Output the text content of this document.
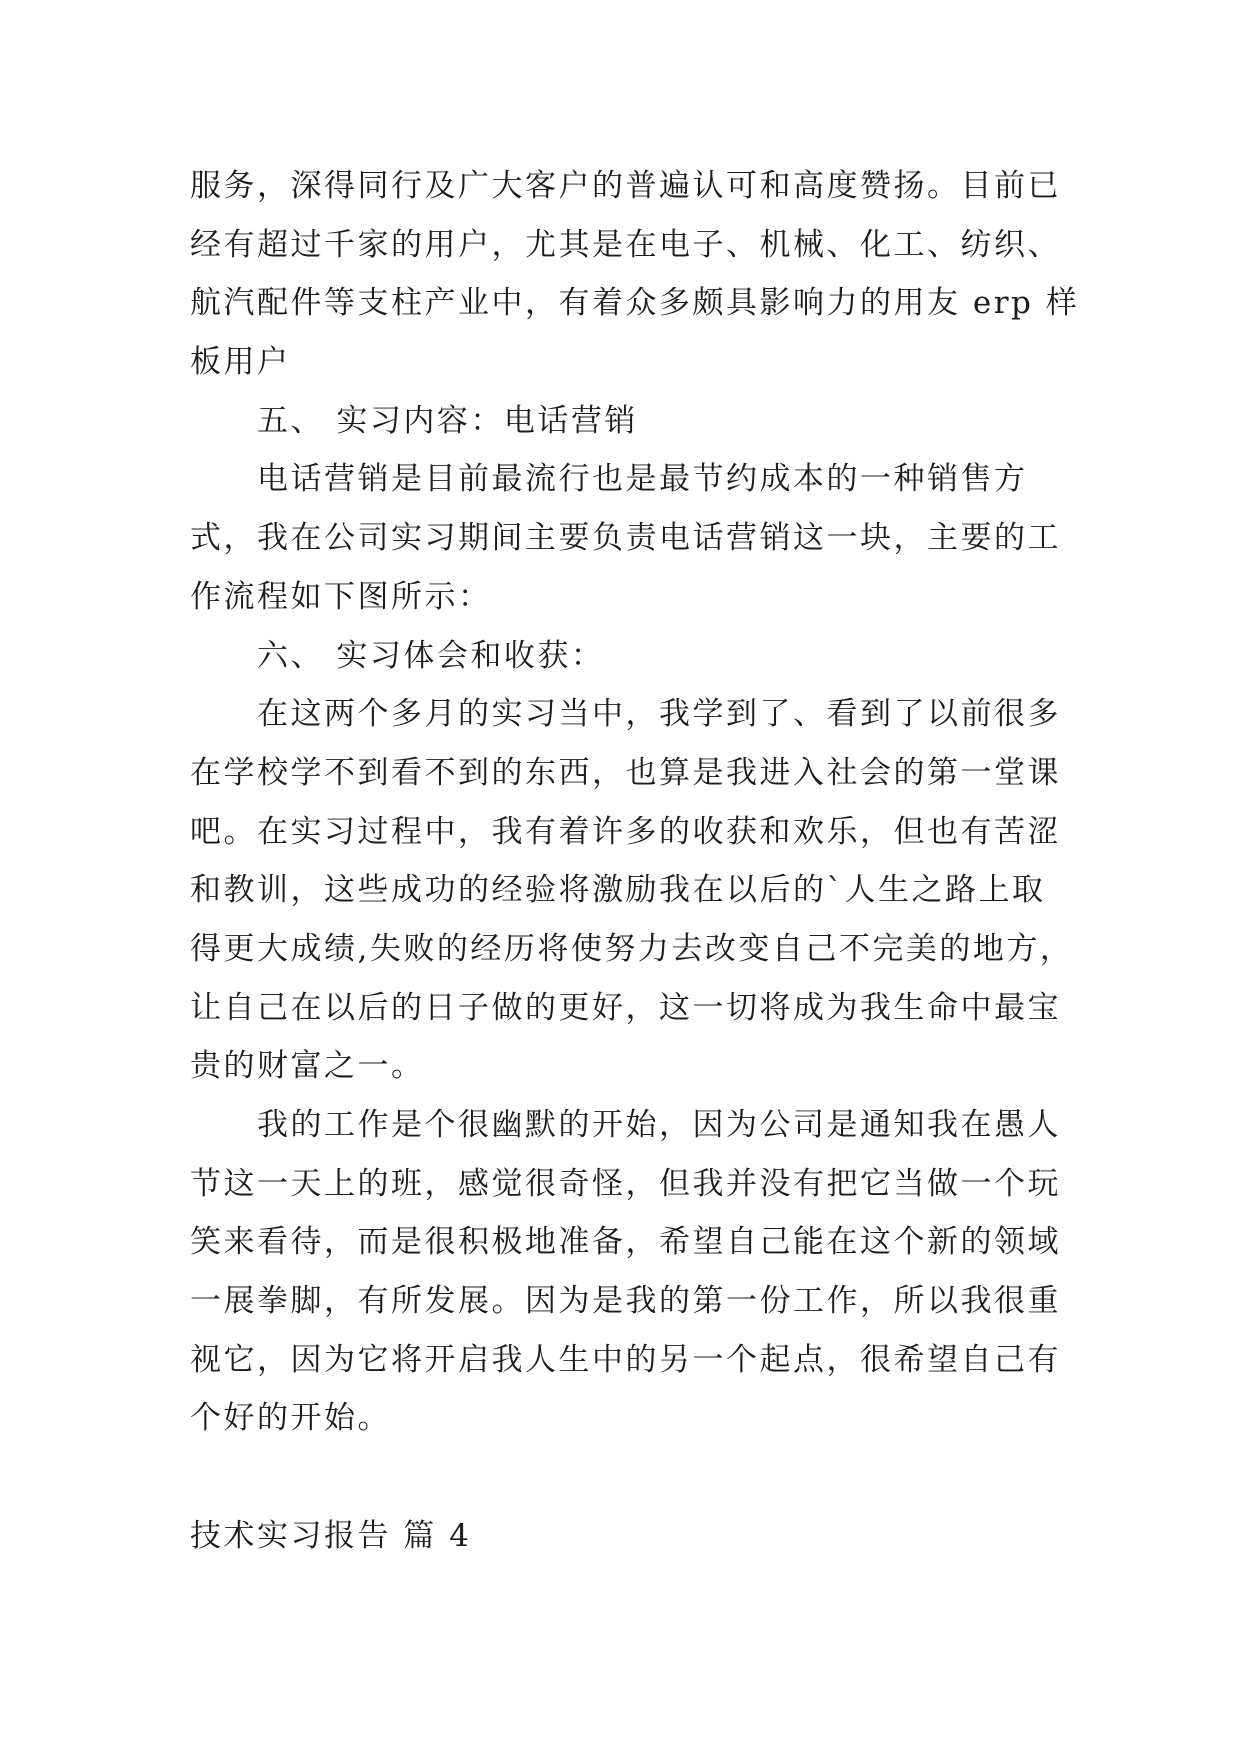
服务，深得同行及广大客户的普遍认可和高度赞扬。目前已
经有超过千家的用户，尤其是在电子、机械、化工、纺织、
航汽配件等支柱产业中，有着众多颇具影响力的用友 erp 样
板用户
五、 实习内容：电话营销
电话营销是目前最流行也是最节约成本的一种销售方
式，我在公司实习期间主要负责电话营销这一块，主要的工
作流程如下图所示：
六、 实习体会和收获：
在这两个多月的实习当中，我学到了、看到了以前很多
在学校学不到看不到的东西，也算是我进入社会的第一堂课
吧。在实习过程中，我有着许多的收获和欢乐，但也有苦涩
和教训，这些成功的经验将激励我在以后的`人生之路上取
得更大成绩,失败的经历将使努力去改变自己不完美的地方，
让自己在以后的日子做的更好，这一切将成为我生命中最宝
贵的财富之一。
我的工作是个很幽默的开始，因为公司是通知我在愚人
节这一天上的班，感觉很奇怪，但我并没有把它当做一个玩
笑来看待，而是很积极地准备，希望自己能在这个新的领域
一展拳脚，有所发展。因为是我的第一份工作，所以我很重
视它，因为它将开启我人生中的另一个起点，很希望自己有
个好的开始。
技术实习报告 篇 4
